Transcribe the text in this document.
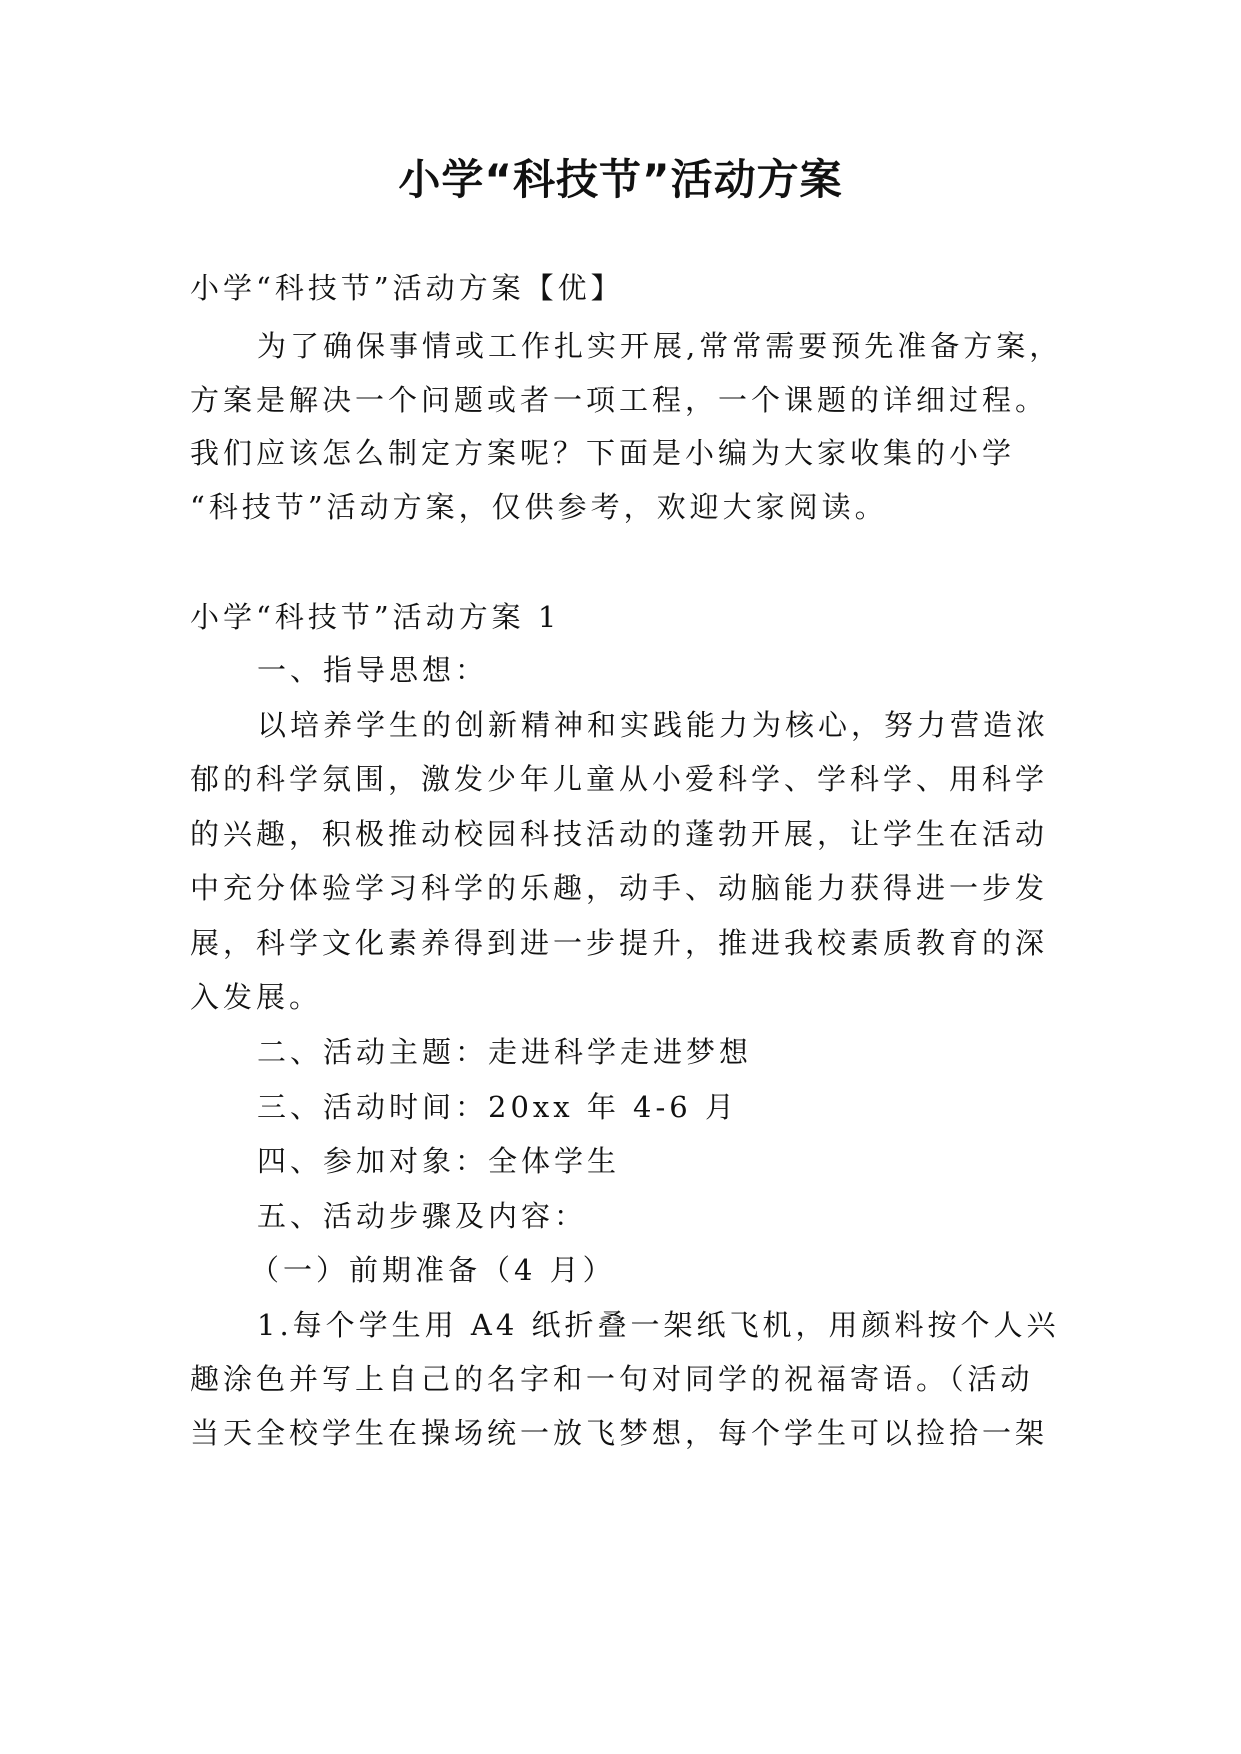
小学“科技节”活动方案
小学“科技节”活动方案【优】
为了确保事情或工作扎实开展,常常需要预先准备方案，
方案是解决一个问题或者一项工程，一个课题的详细过程。
我们应该怎么制定方案呢？下面是小编为大家收集的小学
“科技节”活动方案，仅供参考，欢迎大家阅读。
小学“科技节”活动方案 1
一、指导思想：
以培养学生的创新精神和实践能力为核心，努力营造浓
郁的科学氛围，激发少年儿童从小爱科学、学科学、用科学
的兴趣，积极推动校园科技活动的蓬勃开展，让学生在活动
中充分体验学习科学的乐趣，动手、动脑能力获得进一步发
展，科学文化素养得到进一步提升，推进我校素质教育的深
入发展。
二、活动主题：走进科学走进梦想
三、活动时间：20xx 年 4-6 月
四、参加对象：全体学生
五、活动步骤及内容：
（一）前期准备（4 月）
1.每个学生用 A4 纸折叠一架纸飞机，用颜料按个人兴
趣涂色并写上自己的名字和一句对同学的祝福寄语。（活动
当天全校学生在操场统一放飞梦想，每个学生可以捡拾一架
